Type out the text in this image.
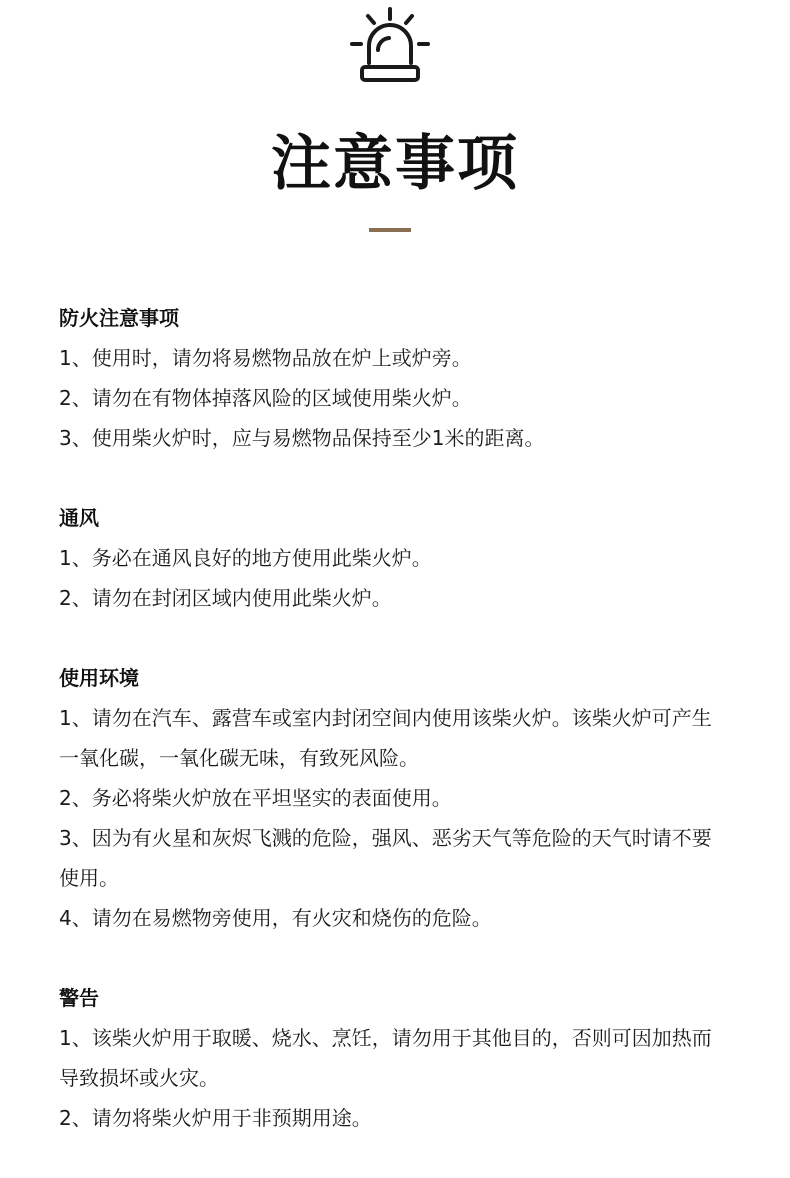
注意事项
防火注意事项
1、使用时，请勿将易燃物品放在炉上或炉旁。
2、请勿在有物体掉落风险的区域使用柴火炉。
3、使用柴火炉时，应与易燃物品保持至少1米的距离。
通风
1、务必在通风良好的地方使用此柴火炉。
2、请勿在封闭区域内使用此柴火炉。
使用环境
1、请勿在汽车、露营车或室内封闭空间内使用该柴火炉。该柴火炉可产生一氧化碳，一氧化碳无味，有致死风险。
2、务必将柴火炉放在平坦坚实的表面使用。
3、因为有火星和灰烬飞溅的危险，强风、恶劣天气等危险的天气时请不要使用。
4、请勿在易燃物旁使用，有火灾和烧伤的危险。
警告
1、该柴火炉用于取暖、烧水、烹饪，请勿用于其他目的，否则可因加热而导致损坏或火灾。
2、请勿将柴火炉用于非预期用途。
